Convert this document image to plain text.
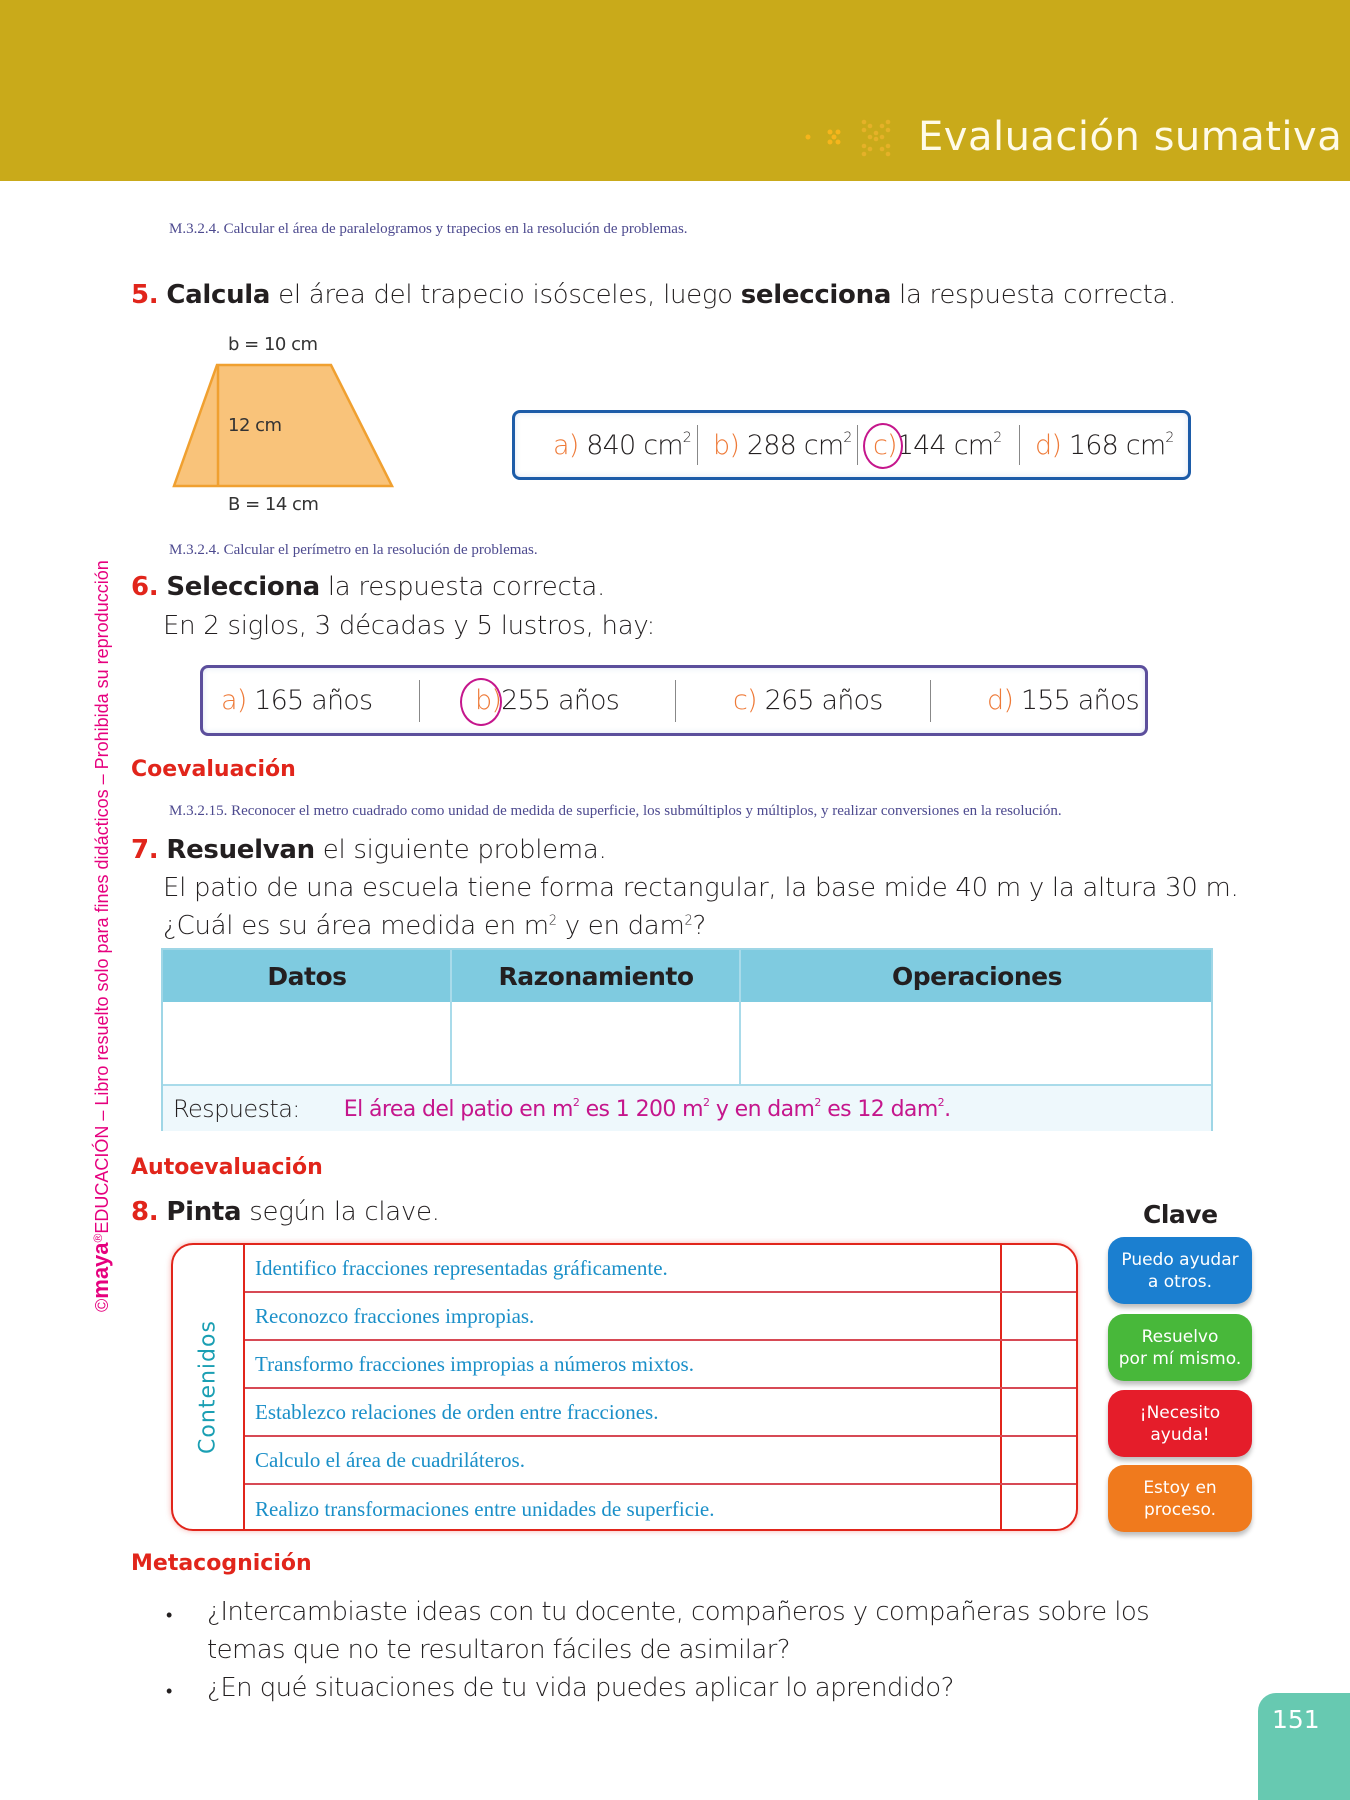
Evaluación sumativa
©maya®EDUCACIÓN – Libro resuelto solo para fines didácticos – Prohibida su reproducción
M.3.2.4. Calcular el área de paralelogramos y trapecios en la resolución de problemas.
5. Calcula el área del trapecio isósceles, luego selecciona la respuesta correcta.
b = 10 cm
12 cm
B = 14 cm
a) 840 $cm^2$ b) 288 $cm^2$ c)144 $cm^2$ d) 168 $cm^2$
M.3.2.4. Calcular el perímetro en la resolución de problemas.
6. Selecciona la respuesta correcta.
En 2 siglos, 3 décadas y 5 lustros, hay:
a) 165 años	b)255 años	c) 265 años	d) 155 años
Coevaluación
M.3.2.15. Reconocer el metro cuadrado como unidad de medida de superficie, los submúltiplos y múltiplos, y realizar conversiones en la resolución.
7. Resuelvan el siguiente problema.
El patio de una escuela tiene forma rectangular, la base mide 40 m y la altura 30 m.
¿Cuál es su área medida en $m^2$ y en dam$^2$?
Datos	Razonamiento	Operaciones
Respuesta: El área del patio en $m^2$ es 1 200 $m^2$ y en dam$^2$ es 12 dam$^2$.
Autoevaluación
8. Pinta según la clave.
Contenidos
Identifico fracciones representadas gráficamente.
Reconozco fracciones impropias.
Transformo fracciones impropias a números mixtos.
Establezco relaciones de orden entre fracciones.
Calculo el área de cuadriláteros.
Realizo transformaciones entre unidades de superficie.
Clave
Puedo ayudar
a otros.
Resuelvo
por mí mismo.
¡Necesito
ayuda!
Estoy en
proceso.
Metacognición
• ¿Intercambiaste ideas con tu docente, compañeros y compañeras sobre los
temas que no te resultaron fáciles de asimilar?
• ¿En qué situaciones de tu vida puedes aplicar lo aprendido?
151
